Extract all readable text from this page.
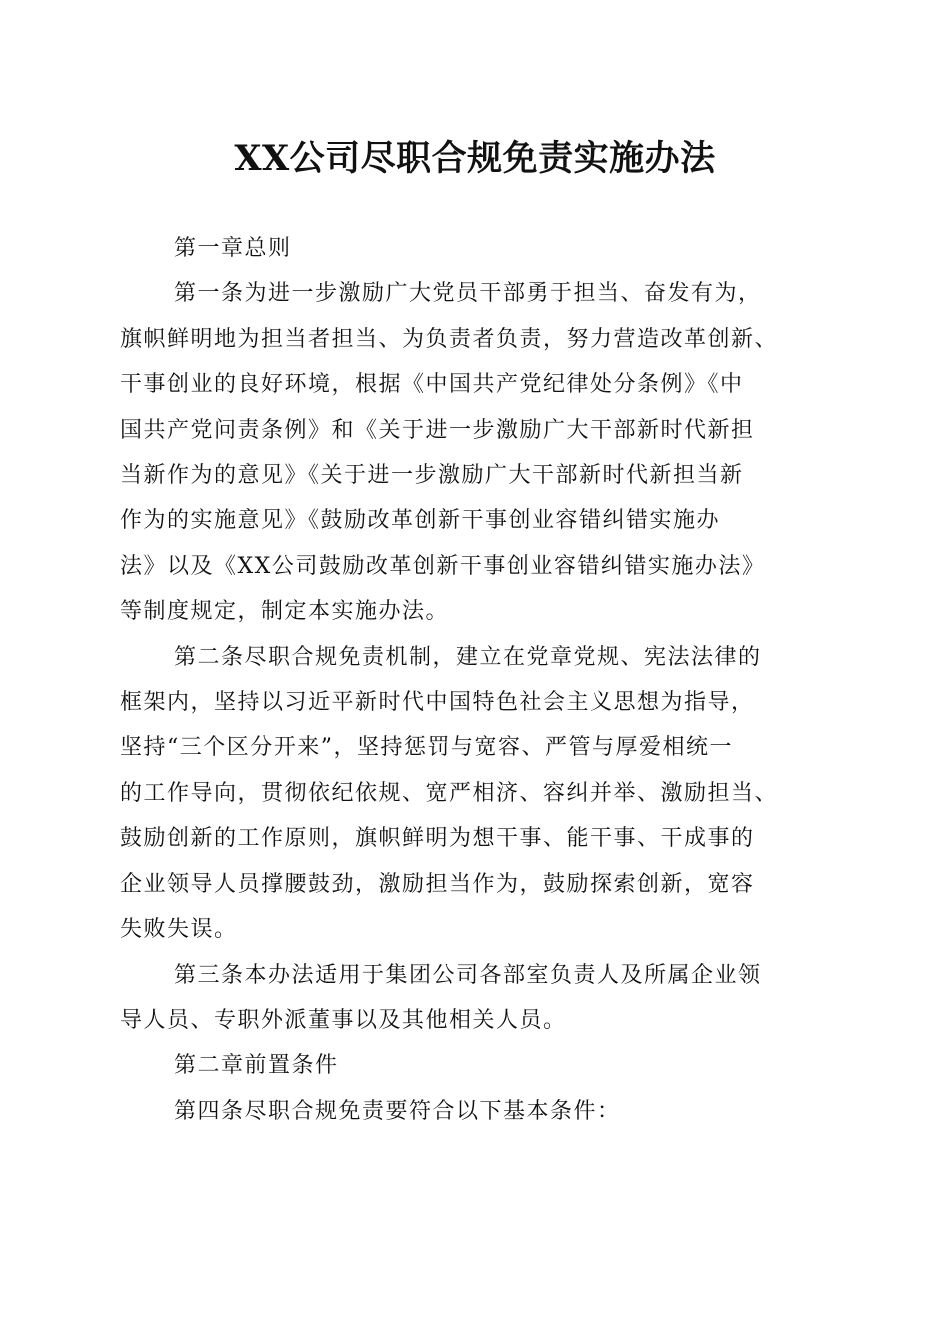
XX公司尽职合规免责实施办法
第一章总则
第一条为进一步激励广大党员干部勇于担当、奋发有为，
旗帜鲜明地为担当者担当、为负责者负责，努力营造改革创新、
干事创业的良好环境，根据《中国共产党纪律处分条例》《中
国共产党问责条例》和《关于进一步激励广大干部新时代新担
当新作为的意见》《关于进一步激励广大干部新时代新担当新
作为的实施意见》《鼓励改革创新干事创业容错纠错实施办
法》以及《XX公司鼓励改革创新干事创业容错纠错实施办法》
等制度规定，制定本实施办法。
第二条尽职合规免责机制，建立在党章党规、宪法法律的
框架内，坚持以习近平新时代中国特色社会主义思想为指导，
坚持“三个区分开来”，坚持惩罚与宽容、严管与厚爱相统一
的工作导向，贯彻依纪依规、宽严相济、容纠并举、激励担当、
鼓励创新的工作原则，旗帜鲜明为想干事、能干事、干成事的
企业领导人员撑腰鼓劲，激励担当作为，鼓励探索创新，宽容
失败失误。
第三条本办法适用于集团公司各部室负责人及所属企业领
导人员、专职外派董事以及其他相关人员。
第二章前置条件
第四条尽职合规免责要符合以下基本条件：
